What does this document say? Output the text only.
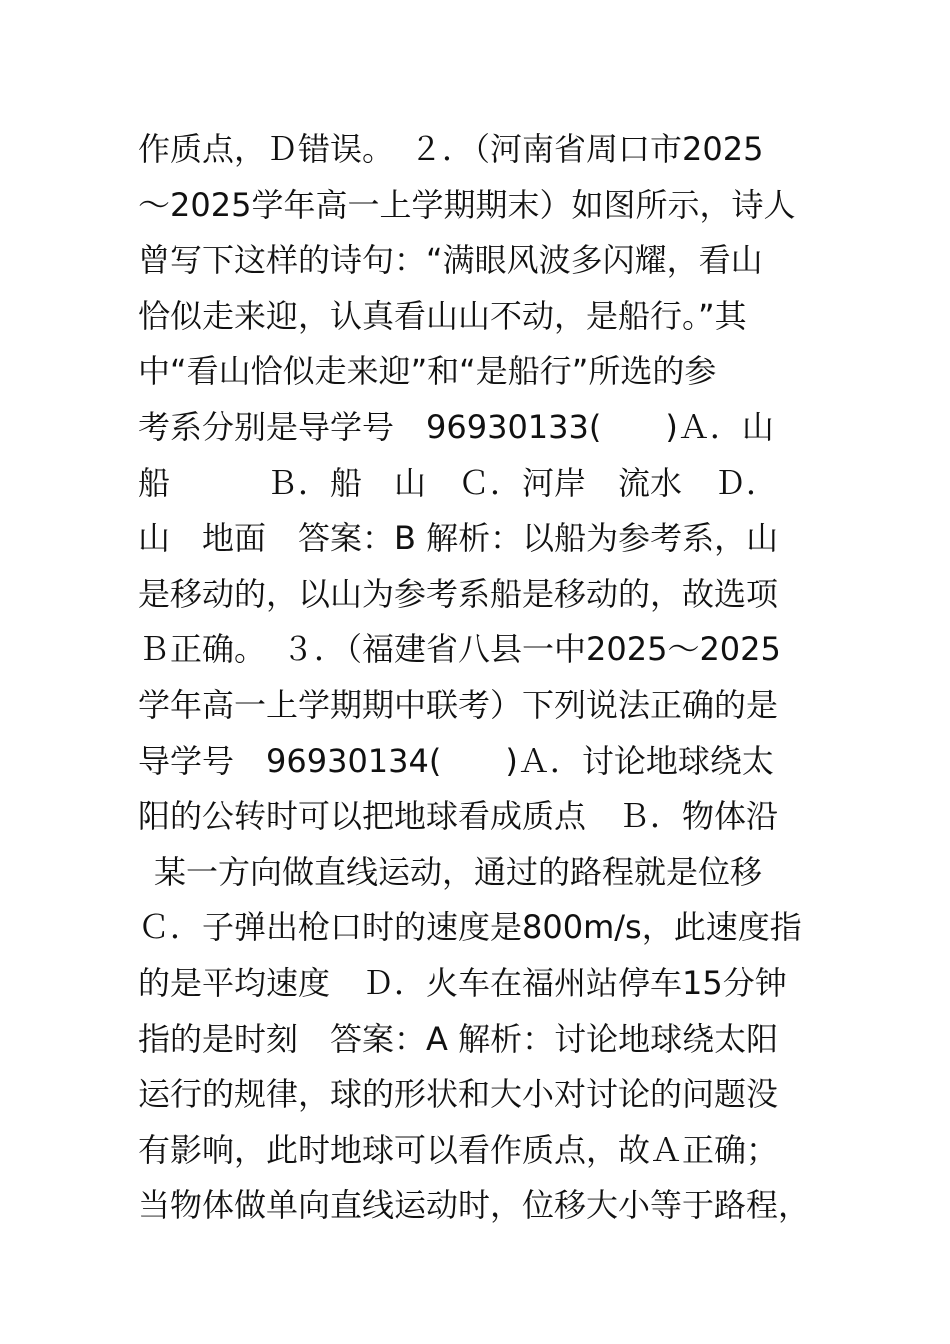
作质点，Ｄ错误。　２．（河南省周口市2025
～2025学年高一上学期期末）如图所示，诗人
曾写下这样的诗句：“满眼风波多闪耀，看山
恰似走来迎，认真看山山不动，是船行。”其
中“看山恰似走来迎”和“是船行”所选的参
考系分别是导学号　96930133(　　)Ａ．山
船　　　Ｂ．船　山　Ｃ．河岸　流水　Ｄ．
山　地面　答案：B 解析：以船为参考系，山
是移动的，以山为参考系船是移动的，故选项
Ｂ正确。　３．（福建省八县一中2025～2025
学年高一上学期期中联考）下列说法正确的是
导学号　96930134(　　)Ａ．讨论地球绕太
阳的公转时可以把地球看成质点　Ｂ．物体沿
某一方向做直线运动，通过的路程就是位移
Ｃ．子弹出枪口时的速度是800m/s，此速度指
的是平均速度　Ｄ．火车在福州站停车15分钟
指的是时刻　答案：A 解析：讨论地球绕太阳
运行的规律，球的形状和大小对讨论的问题没
有影响，此时地球可以看作质点，故Ａ正确；
当物体做单向直线运动时，位移大小等于路程，
